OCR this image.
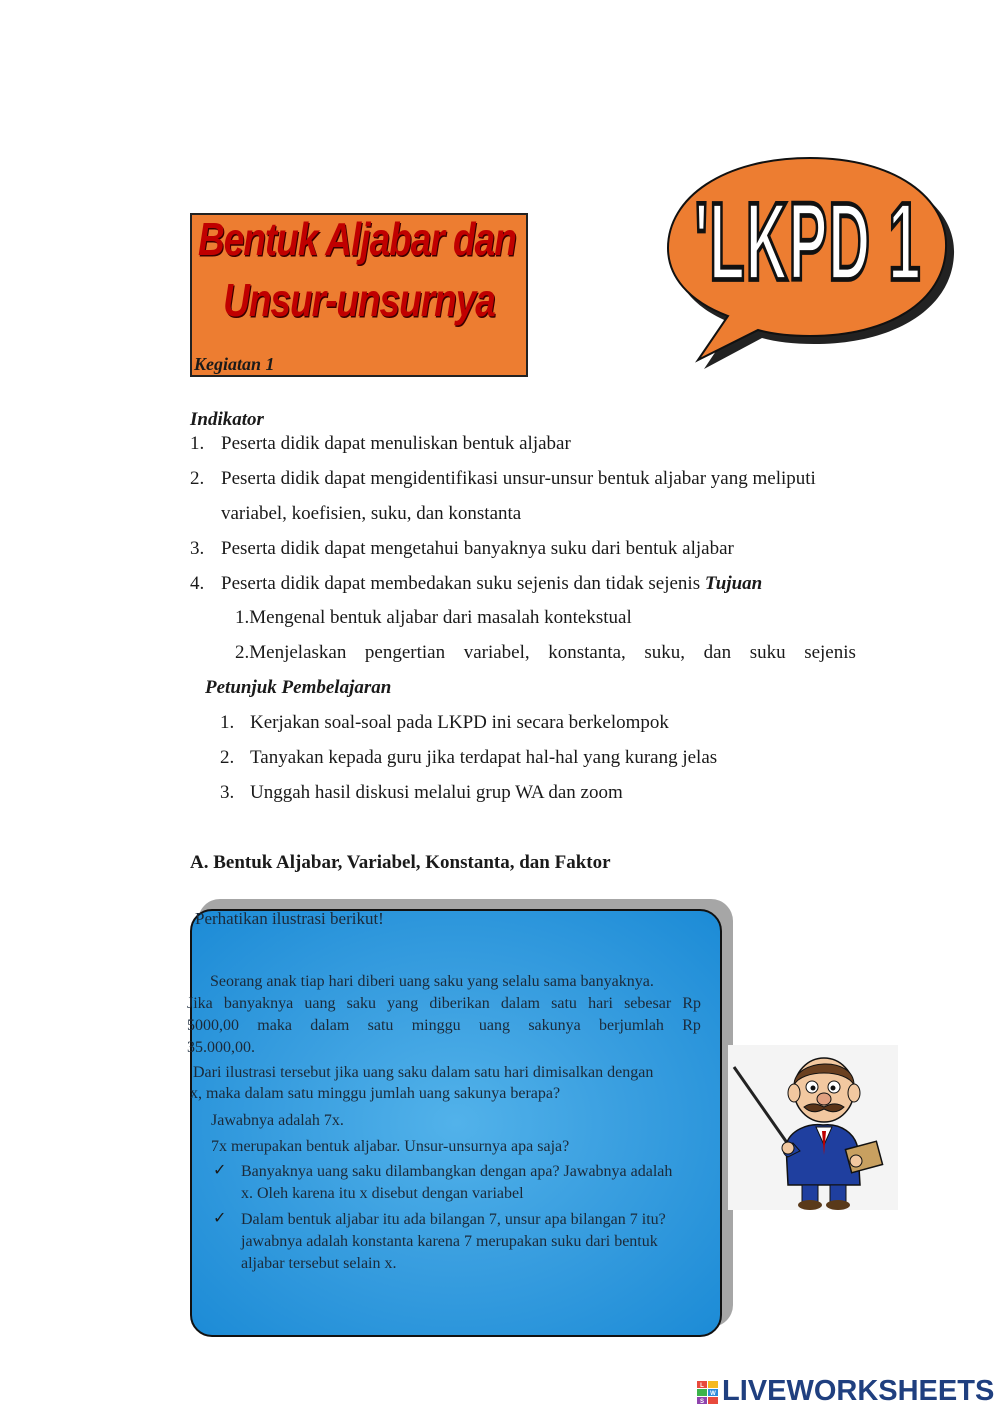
Bentuk Aljabar dan
Unsur-unsurnya
Kegiatan 1
'LKPD 1
Indikator
1. Peserta didik dapat menuliskan bentuk aljabar
2. Peserta didik dapat mengidentifikasi unsur-unsur bentuk aljabar yang meliputi
variabel, koefisien, suku, dan konstanta
3. Peserta didik dapat mengetahui banyaknya suku dari bentuk aljabar
4. Peserta didik dapat membedakan suku sejenis dan tidak sejenis Tujuan
1.Mengenal bentuk aljabar dari masalah kontekstual
2.Menjelaskan pengertian variabel, konstanta, suku, dan suku sejenis
Petunjuk Pembelajaran
1. Kerjakan soal-soal pada LKPD ini secara berkelompok
2. Tanyakan kepada guru jika terdapat hal-hal yang kurang jelas
3. Unggah hasil diskusi melalui grup WA dan zoom
A. Bentuk Aljabar, Variabel, Konstanta, dan Faktor
Perhatikan ilustrasi berikut!
Seorang anak tiap hari diberi uang saku yang selalu sama banyaknya.
Jika banyaknya uang saku yang diberikan dalam satu hari sebesar Rp
5000,00 maka dalam satu minggu uang sakunya berjumlah Rp
35.000,00.
Dari ilustrasi tersebut jika uang saku dalam satu hari dimisalkan dengan
x, maka dalam satu minggu jumlah uang sakunya berapa?
Jawabnya adalah 7x.
7x merupakan bentuk aljabar. Unsur-unsurnya apa saja?
✓ Banyaknya uang saku dilambangkan dengan apa? Jawabnya adalah
x. Oleh karena itu x disebut dengan variabel
✓ Dalam bentuk aljabar itu ada bilangan 7, unsur apa bilangan 7 itu?
jawabnya adalah konstanta karena 7 merupakan suku dari bentuk
aljabar tersebut selain x.
L
W
S LIVEWORKSHEETS
